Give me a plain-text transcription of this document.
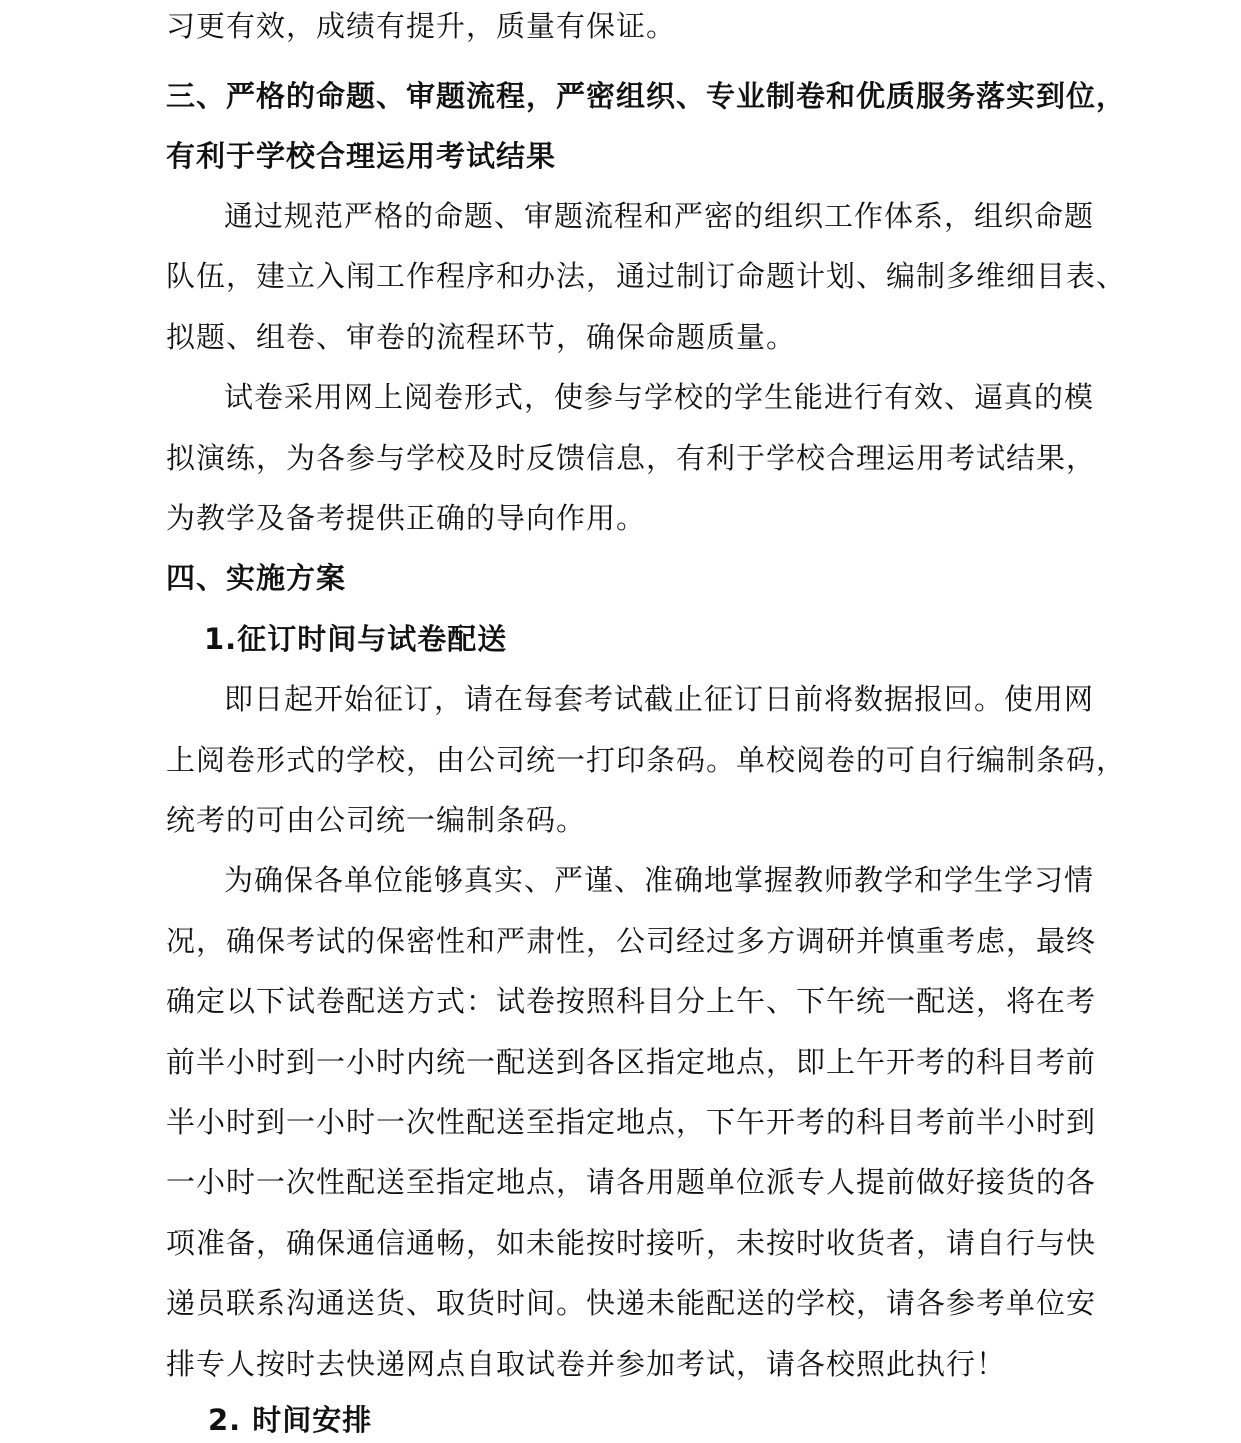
习更有效，成绩有提升，质量有保证。
三、严格的命题、审题流程，严密组织、专业制卷和优质服务落实到位，
有利于学校合理运用考试结果
通过规范严格的命题、审题流程和严密的组织工作体系，组织命题
队伍，建立入闱工作程序和办法，通过制订命题计划、编制多维细目表、
拟题、组卷、审卷的流程环节，确保命题质量。
试卷采用网上阅卷形式，使参与学校的学生能进行有效、逼真的模
拟演练，为各参与学校及时反馈信息，有利于学校合理运用考试结果，
为教学及备考提供正确的导向作用。
四、实施方案
1.征订时间与试卷配送
即日起开始征订，请在每套考试截止征订日前将数据报回。使用网
上阅卷形式的学校，由公司统一打印条码。单校阅卷的可自行编制条码，
统考的可由公司统一编制条码。
为确保各单位能够真实、严谨、准确地掌握教师教学和学生学习情
况，确保考试的保密性和严肃性，公司经过多方调研并慎重考虑，最终
确定以下试卷配送方式：试卷按照科目分上午、下午统一配送，将在考
前半小时到一小时内统一配送到各区指定地点，即上午开考的科目考前
半小时到一小时一次性配送至指定地点，下午开考的科目考前半小时到
一小时一次性配送至指定地点，请各用题单位派专人提前做好接货的各
项准备，确保通信通畅，如未能按时接听，未按时收货者，请自行与快
递员联系沟通送货、取货时间。快递未能配送的学校，请各参考单位安
排专人按时去快递网点自取试卷并参加考试，请各校照此执行！
2. 时间安排
